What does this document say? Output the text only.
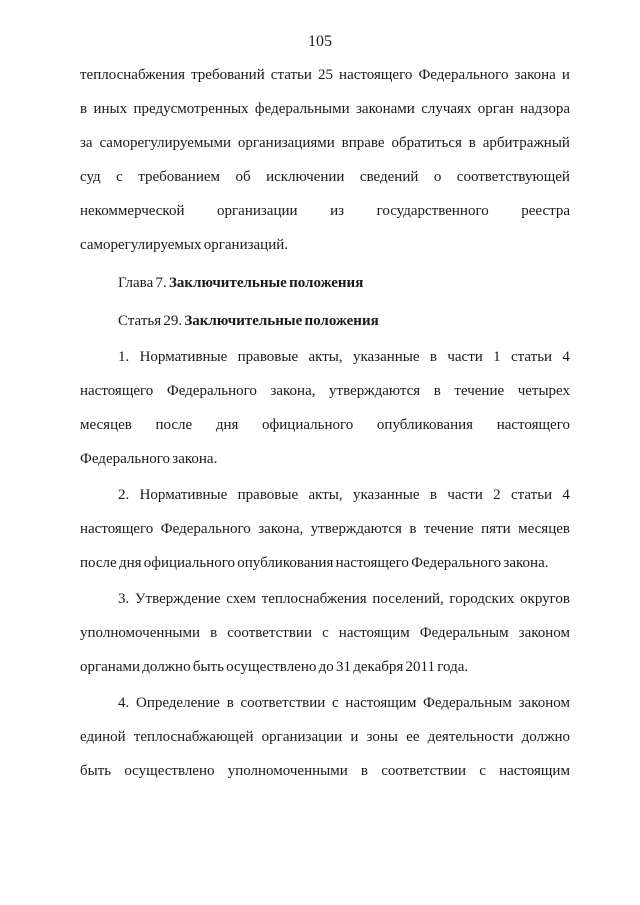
105
теплоснабжения требований статьи 25 настоящего Федерального закона и
в иных предусмотренных федеральными законами случаях орган надзора
за саморегулируемыми организациями вправе обратиться в арбитражный
суд с требованием об исключении сведений о соответствующей
некоммерческой организации из государственного реестра
саморегулируемых организаций.
Глава 7. Заключительные положения
Статья 29. Заключительные положения
1. Нормативные правовые акты, указанные в части 1 статьи 4
настоящего Федерального закона, утверждаются в течение четырех
месяцев после дня официального опубликования настоящего
Федерального закона.
2. Нормативные правовые акты, указанные в части 2 статьи 4
настоящего Федерального закона, утверждаются в течение пяти месяцев
после дня официального опубликования настоящего Федерального закона.
3. Утверждение схем теплоснабжения поселений, городских округов
уполномоченными в соответствии с настоящим Федеральным законом
органами должно быть осуществлено до 31 декабря 2011 года.
4. Определение в соответствии с настоящим Федеральным законом
единой теплоснабжающей организации и зоны ее деятельности должно
быть осуществлено уполномоченными в соответствии с настоящим
